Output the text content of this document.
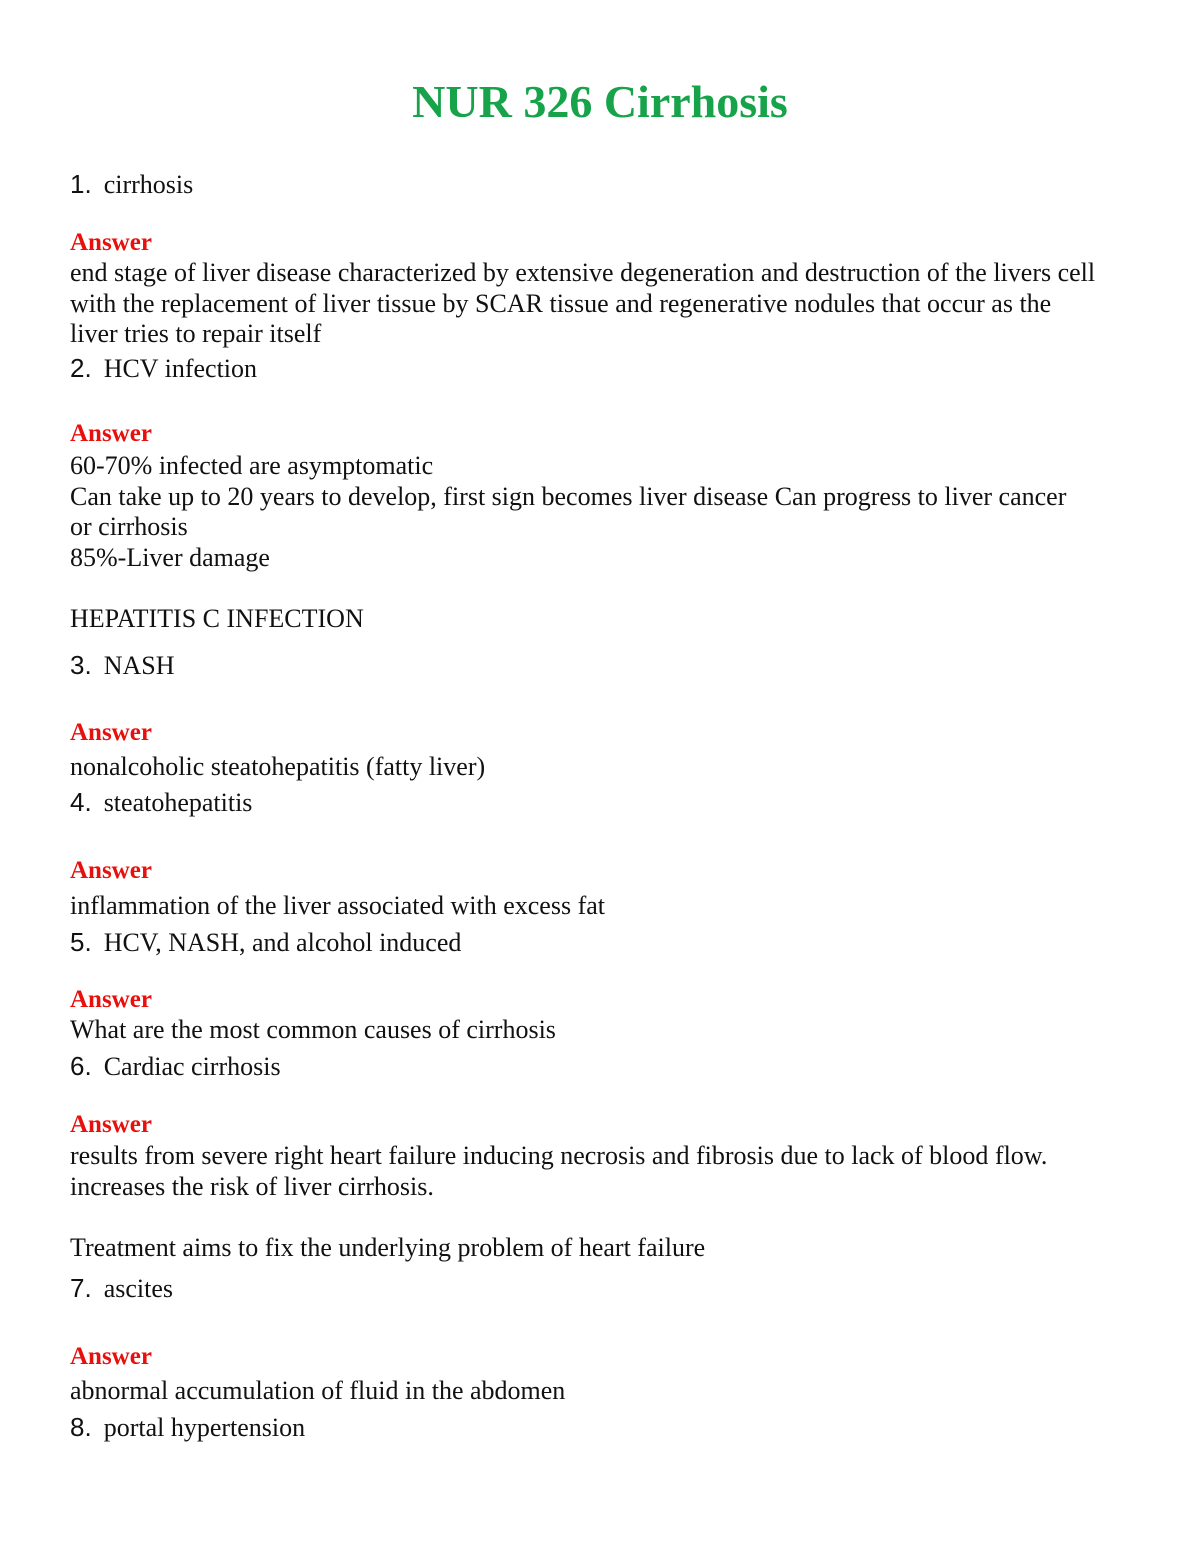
NUR 326 Cirrhosis
1. cirrhosis
Answer
end stage of liver disease characterized by extensive degeneration and destruction of the livers cell
with the replacement of liver tissue by SCAR tissue and regenerative nodules that occur as the
liver tries to repair itself
2. HCV infection
Answer
60-70% infected are asymptomatic
Can take up to 20 years to develop, first sign becomes liver disease Can progress to liver cancer
or cirrhosis
85%-Liver damage

HEPATITIS C INFECTION
3. NASH
Answer
nonalcoholic steatohepatitis (fatty liver)
4. steatohepatitis
Answer
inflammation of the liver associated with excess fat
5. HCV, NASH, and alcohol induced
Answer
What are the most common causes of cirrhosis
6. Cardiac cirrhosis
Answer
results from severe right heart failure inducing necrosis and fibrosis due to lack of blood flow.
increases the risk of liver cirrhosis.

Treatment aims to fix the underlying problem of heart failure
7. ascites
Answer
abnormal accumulation of fluid in the abdomen
8. portal hypertension
